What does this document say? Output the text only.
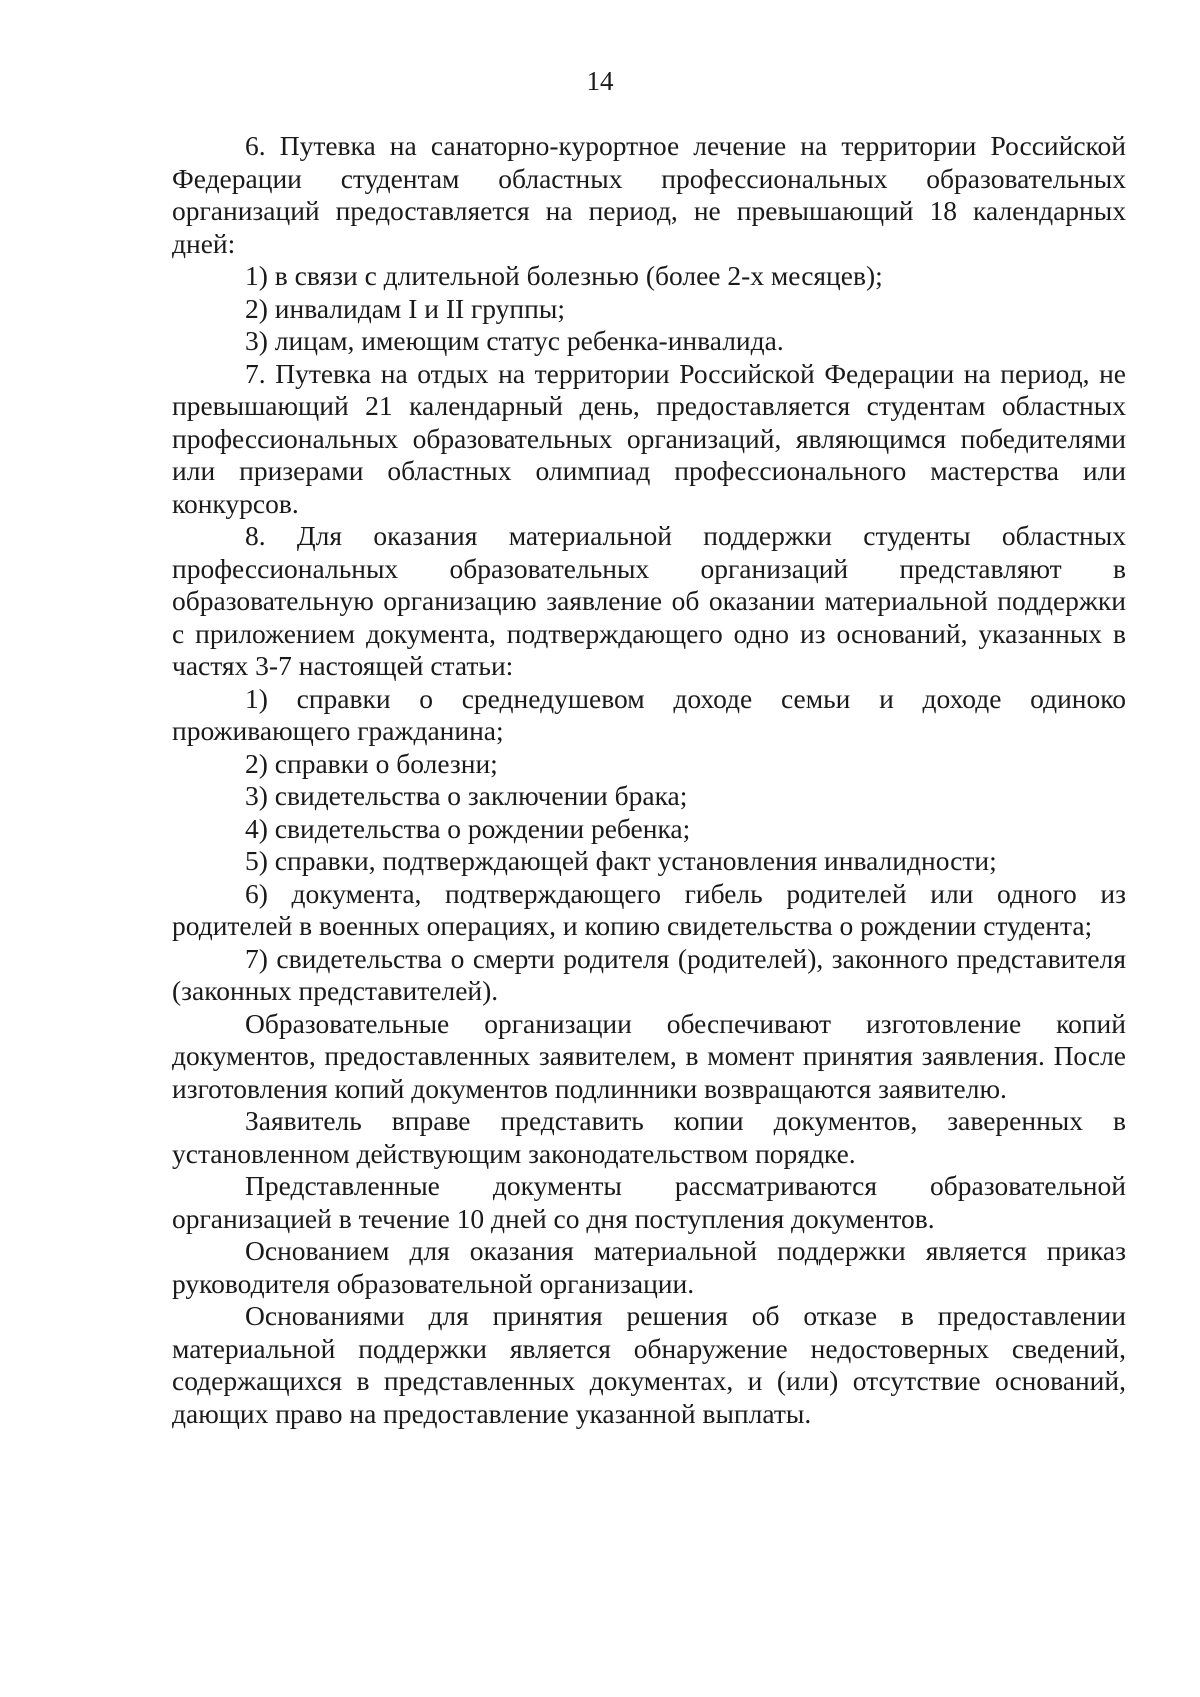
14

6. Путевка на санаторно-курортное лечение на территории Российской Федерации студентам областных профессиональных образовательных организаций предоставляется на период, не превышающий 18 календарных дней:

1) в связи с длительной болезнью (более 2-х месяцев);

2) инвалидам I и II группы;

3) лицам, имеющим статус ребенка-инвалида.

7. Путевка на отдых на территории Российской Федерации на период, не превышающий 21 календарный день, предоставляется студентам областных профессиональных образовательных организаций, являющимся победителями или призерами областных олимпиад профессионального мастерства или конкурсов.

8. Для оказания материальной поддержки студенты областных профессиональных образовательных организаций представляют в образовательную организацию заявление об оказании материальной поддержки с приложением документа, подтверждающего одно из оснований, указанных в частях 3-7 настоящей статьи:

1) справки о среднедушевом доходе семьи и доходе одиноко проживающего гражданина;

2) справки о болезни;

3) свидетельства о заключении брака;

4) свидетельства о рождении ребенка;

5) справки, подтверждающей факт установления инвалидности;

6) документа, подтверждающего гибель родителей или одного из родителей в военных операциях, и копию свидетельства о рождении студента;

7) свидетельства о смерти родителя (родителей), законного представителя (законных представителей).

Образовательные организации обеспечивают изготовление копий документов, предоставленных заявителем, в момент принятия заявления. После изготовления копий документов подлинники возвращаются заявителю.

Заявитель вправе представить копии документов, заверенных в установленном действующим законодательством порядке.

Представленные документы рассматриваются образовательной организацией в течение 10 дней со дня поступления документов.

Основанием для оказания материальной поддержки является приказ руководителя образовательной организации.

Основаниями для принятия решения об отказе в предоставлении материальной поддержки является обнаружение недостоверных сведений, содержащихся в представленных документах, и (или) отсутствие оснований, дающих право на предоставление указанной выплаты.
